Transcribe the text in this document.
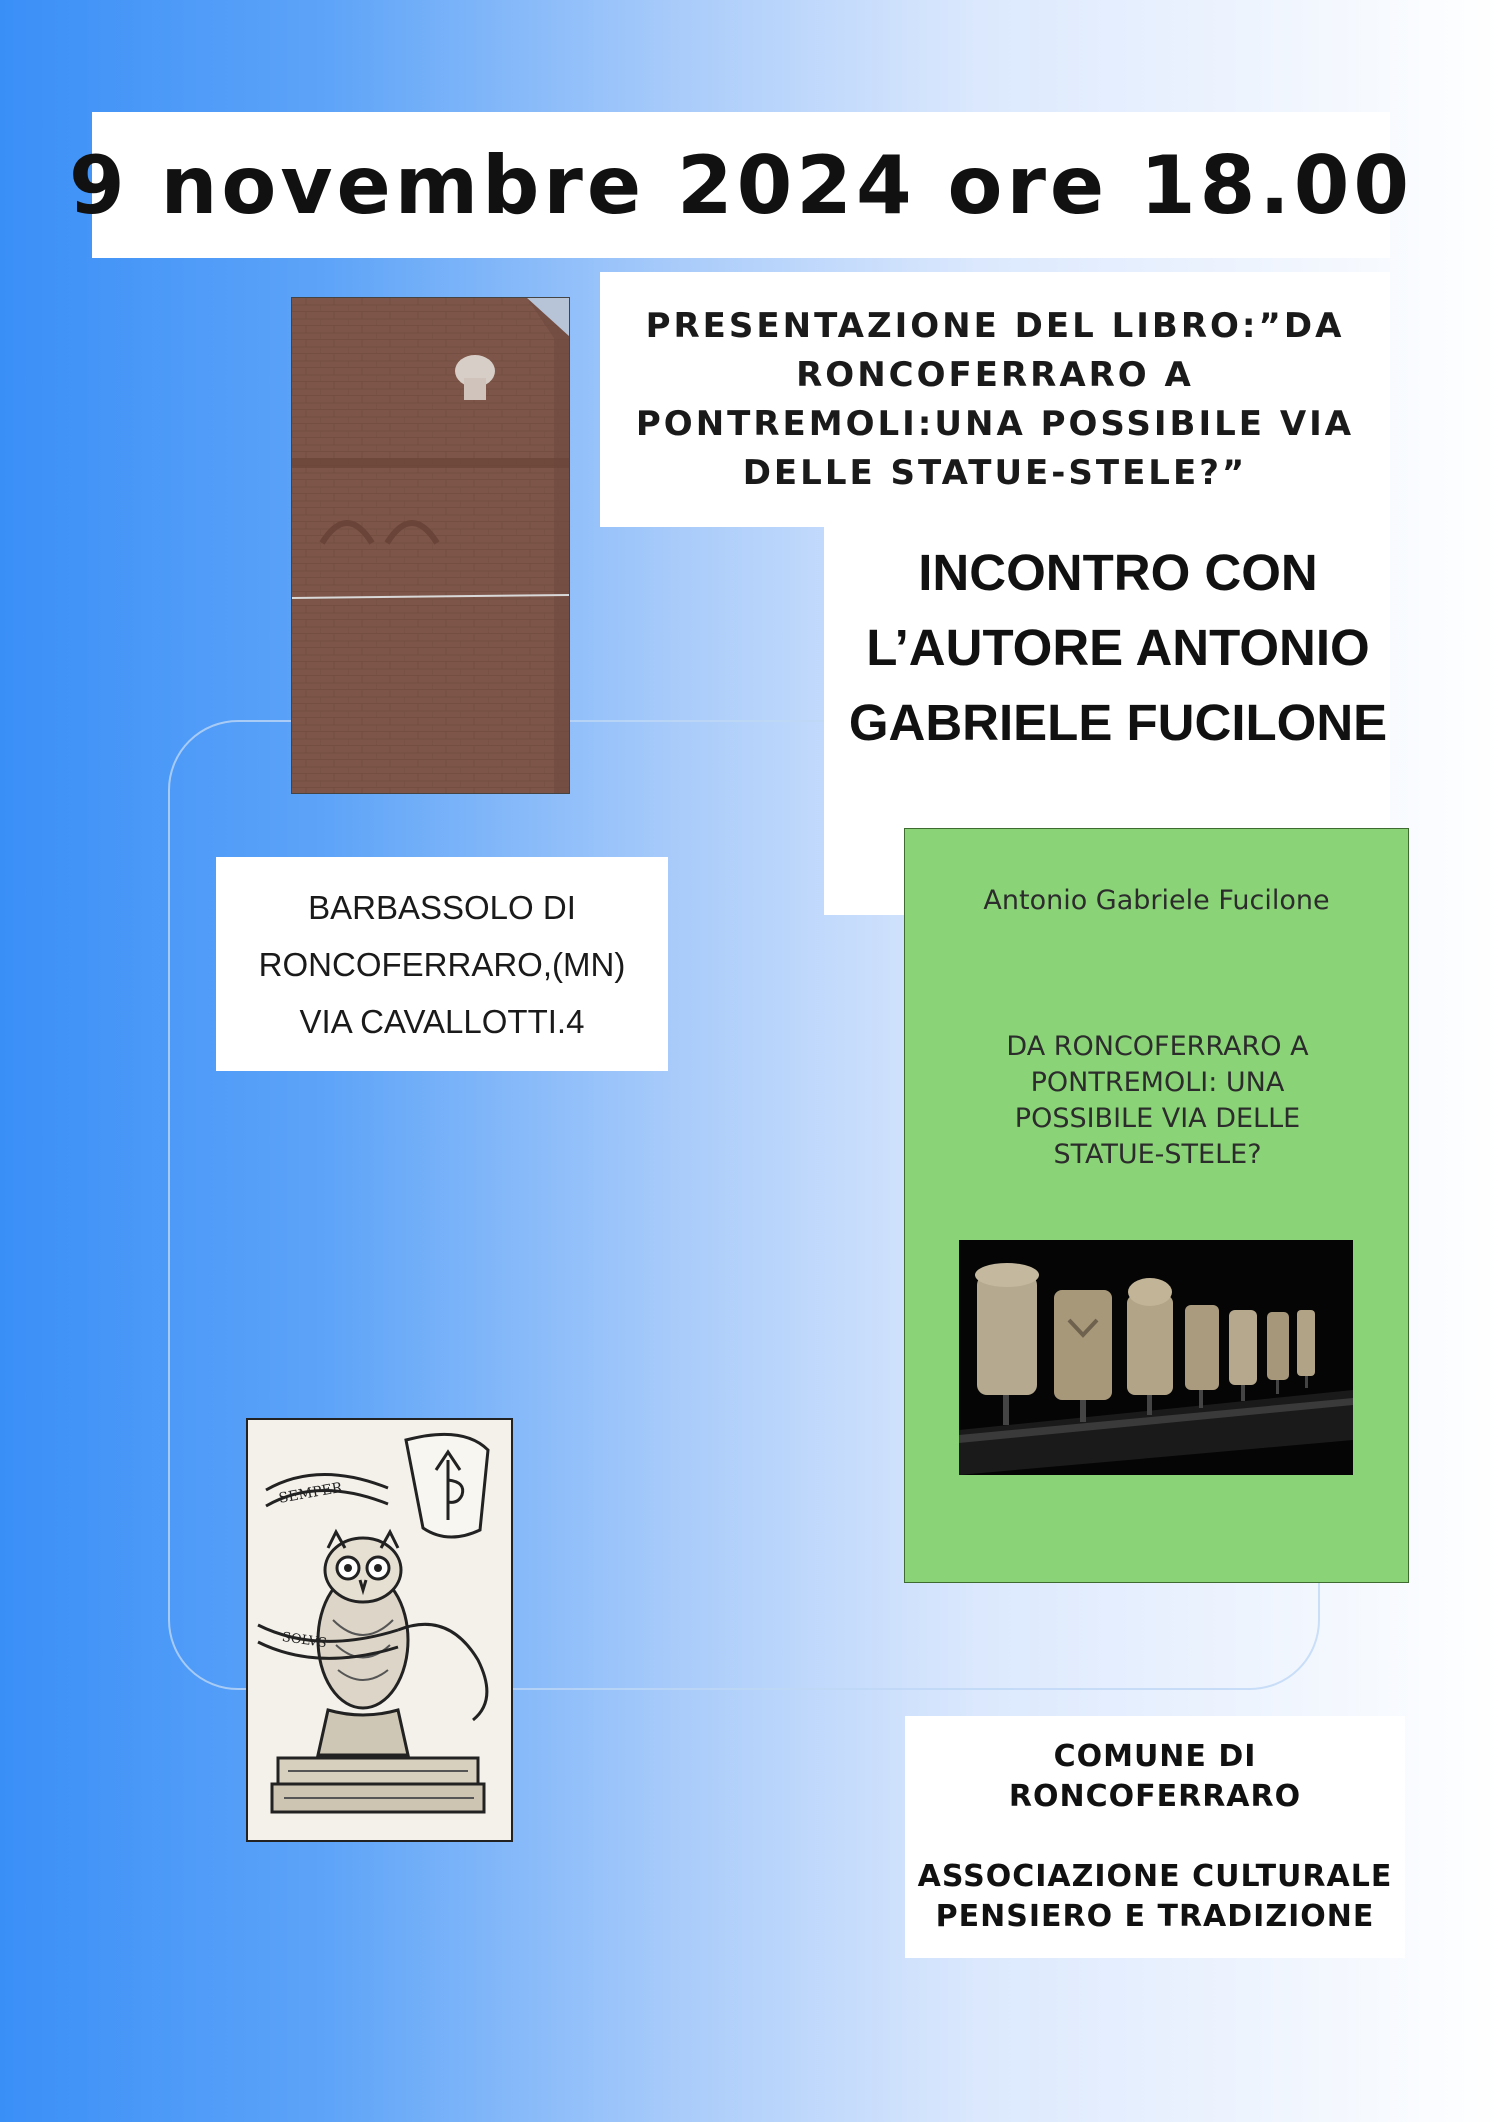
9 novembre 2024 ore 18.00
PRESENTAZIONE DEL LIBRO:”DA
RONCOFERRARO A
PONTREMOLI:UNA POSSIBILE VIA
DELLE STATUE-STELE?”
INCONTRO CON
L’AUTORE ANTONIO
GABRIELE FUCILONE
BARBASSOLO DI
RONCOFERRARO,(MN)
VIA CAVALLOTTI.4
Antonio Gabriele Fucilone
DA RONCOFERRARO A
PONTREMOLI: UNA
POSSIBILE VIA DELLE
STATUE-STELE?
SEMPER
SOLVS
COMUNE DI
RONCOFERRARO
ASSOCIAZIONE CULTURALE
PENSIERO E TRADIZIONE
